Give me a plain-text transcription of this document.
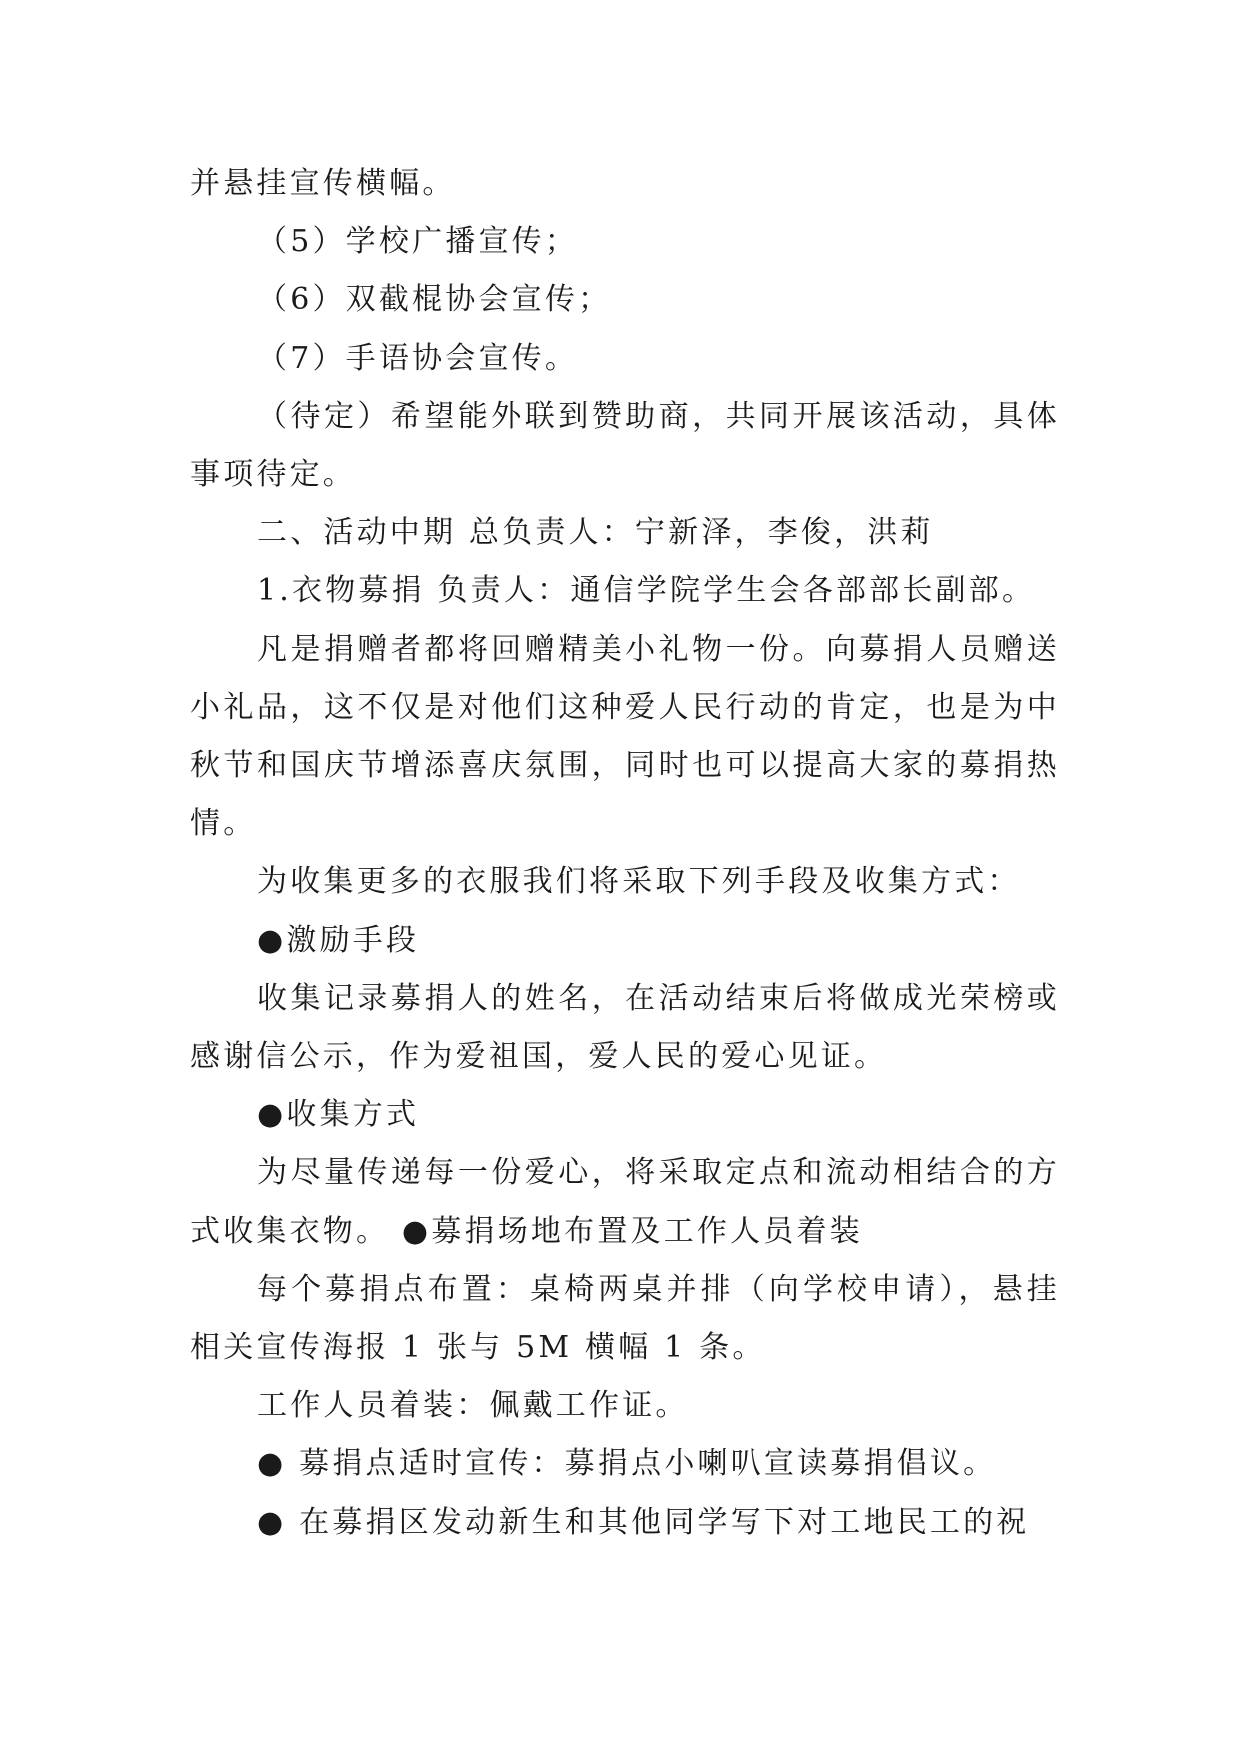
并悬挂宣传横幅。

（5）学校广播宣传；

（6）双截棍协会宣传；

（7）手语协会宣传。

（待定）希望能外联到赞助商，共同开展该活动，具体事项待定。

二、活动中期 总负责人：宁新泽，李俊，洪莉

1.衣物募捐 负责人：通信学院学生会各部部长副部。

凡是捐赠者都将回赠精美小礼物一份。向募捐人员赠送小礼品，这不仅是对他们这种爱人民行动的肯定，也是为中秋节和国庆节增添喜庆氛围，同时也可以提高大家的募捐热情。

为收集更多的衣服我们将采取下列手段及收集方式：

●激励手段

收集记录募捐人的姓名，在活动结束后将做成光荣榜或感谢信公示，作为爱祖国，爱人民的爱心见证。

●收集方式

为尽量传递每一份爱心，将采取定点和流动相结合的方式收集衣物。 ●募捐场地布置及工作人员着装

每个募捐点布置：桌椅两桌并排（向学校申请），悬挂相关宣传海报 1 张与 5M 横幅 1 条。

工作人员着装：佩戴工作证。

● 募捐点适时宣传：募捐点小喇叭宣读募捐倡议。

● 在募捐区发动新生和其他同学写下对工地民工的祝
